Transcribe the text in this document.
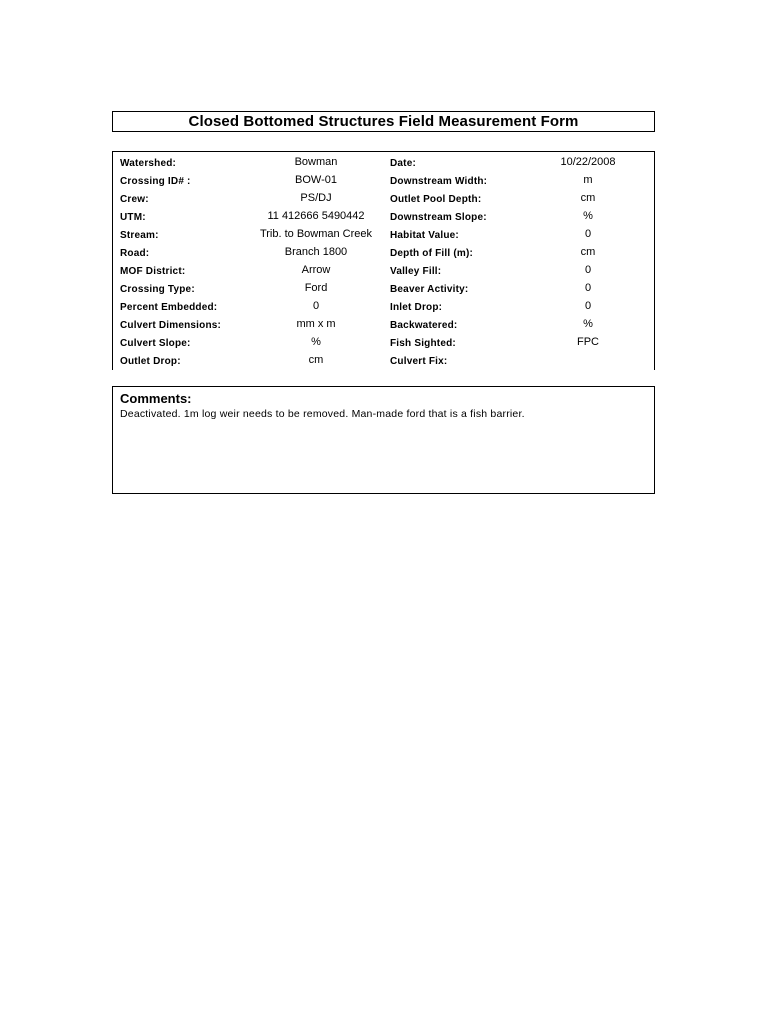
Closed Bottomed Structures Field Measurement Form
Watershed:	Bowman	Date:	10/22/2008
Crossing ID# :	BOW-01	Downstream Width:	m
Crew:	PS/DJ	Outlet Pool Depth:	cm
UTM:	11 412666 5490442	Downstream Slope:	%
Stream:	Trib. to Bowman Creek	Habitat Value:	0
Road:	Branch 1800	Depth of Fill (m):	cm
MOF District:	Arrow	Valley Fill:	0
Crossing Type:	Ford	Beaver Activity:	0
Percent Embedded:	0	Inlet Drop:	0
Culvert Dimensions:	mm x m	Backwatered:	%
Culvert Slope:	%	Fish Sighted:	FPC
Outlet Drop:	cm	Culvert Fix:
Comments:
Deactivated. 1m log weir needs to be removed. Man-made ford that is a fish barrier.
